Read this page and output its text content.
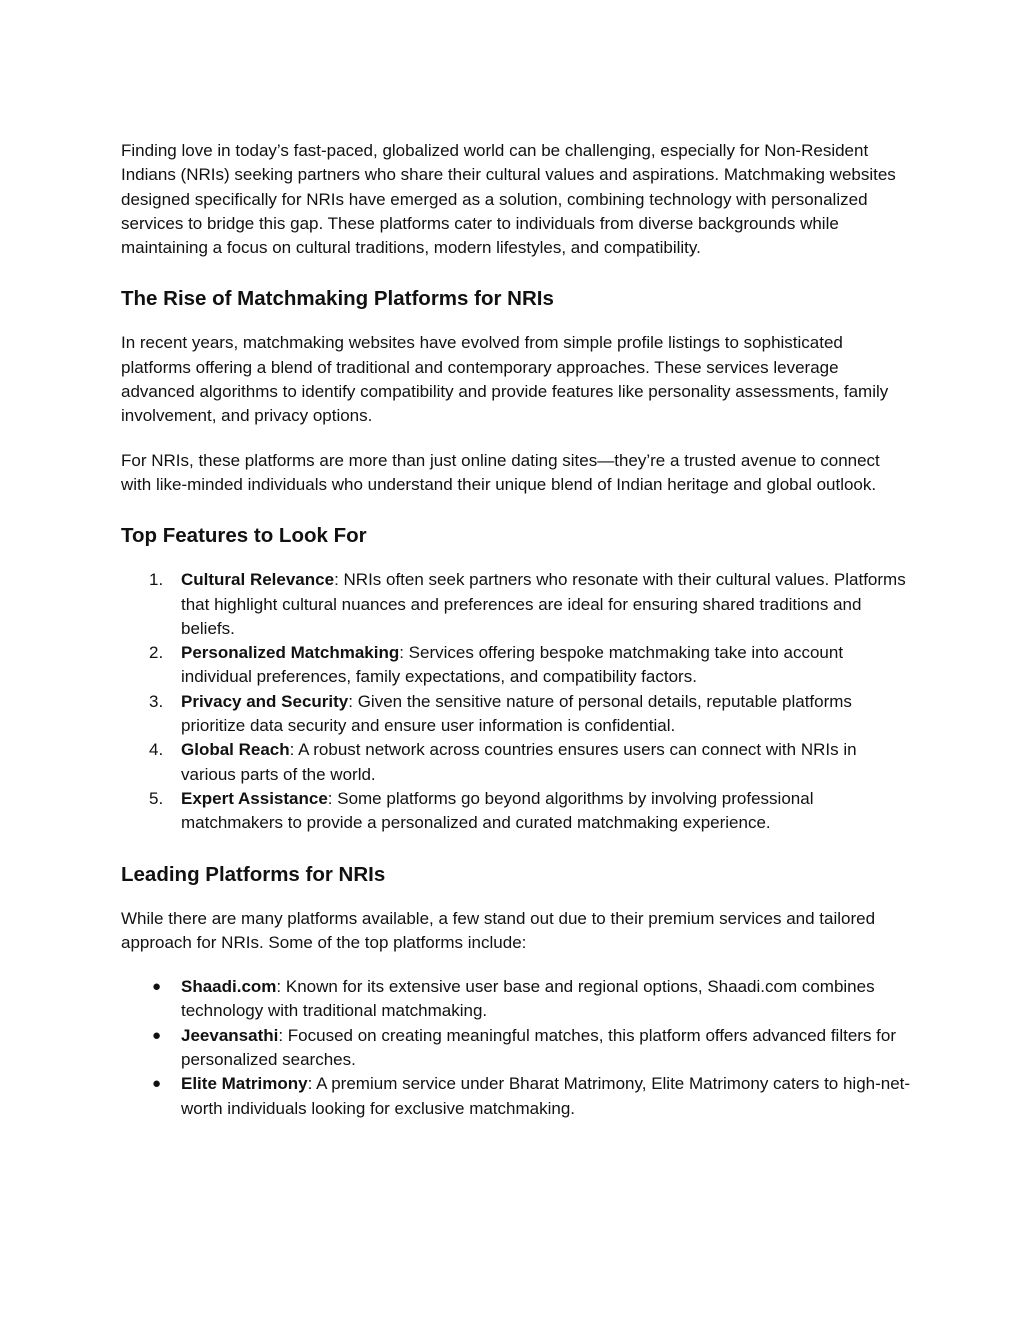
Finding love in today’s fast-paced, globalized world can be challenging, especially for Non-Resident Indians (NRIs) seeking partners who share their cultural values and aspirations. Matchmaking websites designed specifically for NRIs have emerged as a solution, combining technology with personalized services to bridge this gap. These platforms cater to individuals from diverse backgrounds while maintaining a focus on cultural traditions, modern lifestyles, and compatibility.

The Rise of Matchmaking Platforms for NRIs

In recent years, matchmaking websites have evolved from simple profile listings to sophisticated platforms offering a blend of traditional and contemporary approaches. These services leverage advanced algorithms to identify compatibility and provide features like personality assessments, family involvement, and privacy options.

For NRIs, these platforms are more than just online dating sites—they’re a trusted avenue to connect with like-minded individuals who understand their unique blend of Indian heritage and global outlook.

Top Features to Look For
1.	Cultural Relevance: NRIs often seek partners who resonate with their cultural values. Platforms that highlight cultural nuances and preferences are ideal for ensuring shared traditions and beliefs.
2.	Personalized Matchmaking: Services offering bespoke matchmaking take into account individual preferences, family expectations, and compatibility factors.
3.	Privacy and Security: Given the sensitive nature of personal details, reputable platforms prioritize data security and ensure user information is confidential.
4.	Global Reach: A robust network across countries ensures users can connect with NRIs in various parts of the world.
5.	Expert Assistance: Some platforms go beyond algorithms by involving professional matchmakers to provide a personalized and curated matchmaking experience.
Leading Platforms for NRIs

While there are many platforms available, a few stand out due to their premium services and tailored approach for NRIs. Some of the top platforms include:

●	Shaadi.com: Known for its extensive user base and regional options, Shaadi.com combines technology with traditional matchmaking.
●	Jeevansathi: Focused on creating meaningful matches, this platform offers advanced filters for personalized searches.
●	Elite Matrimony: A premium service under Bharat Matrimony, Elite Matrimony caters to high-net-worth individuals looking for exclusive matchmaking.
